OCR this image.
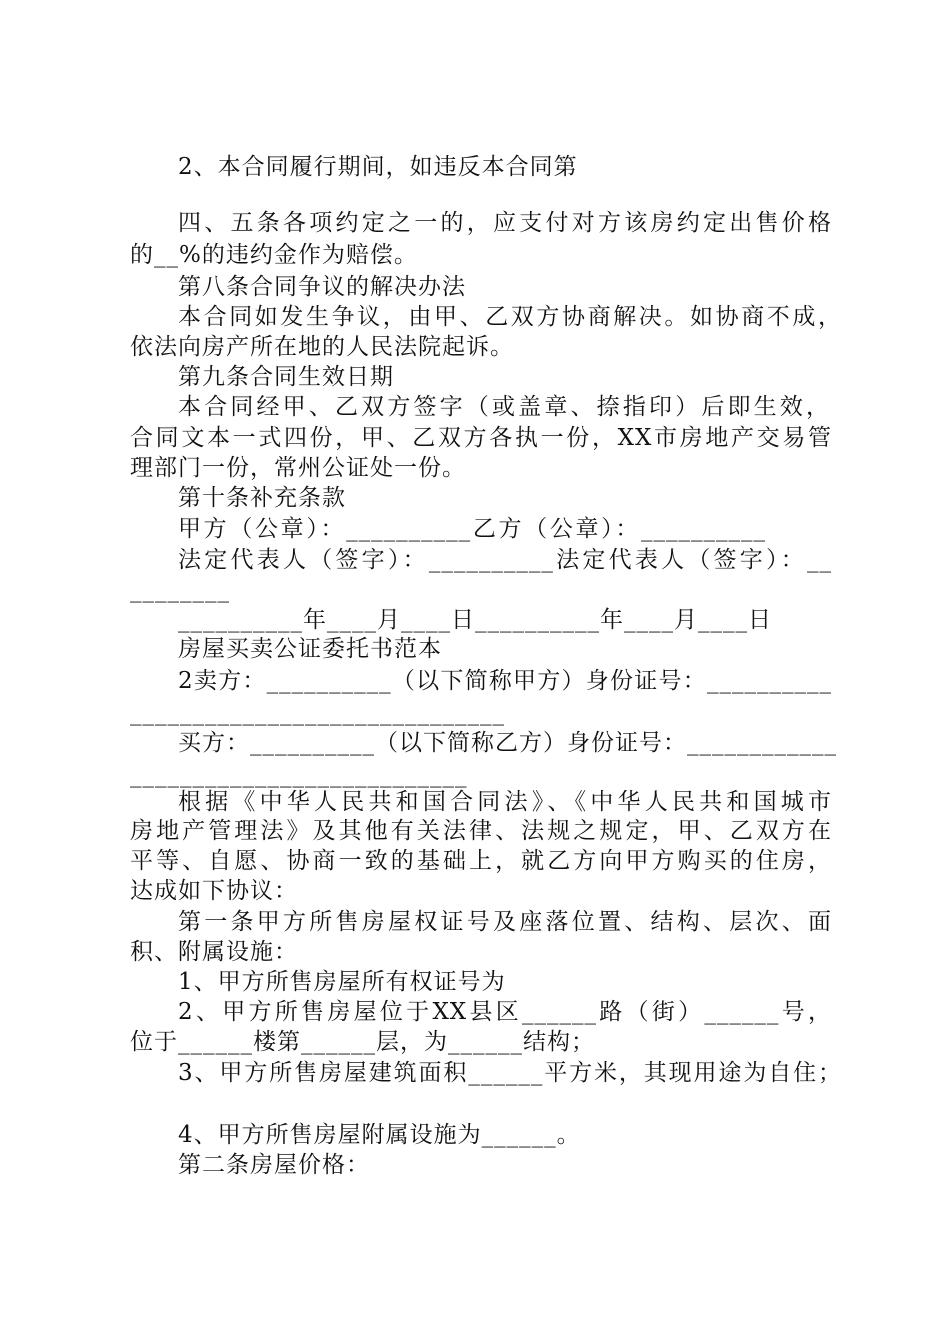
2、本合同履行期间，如违反本合同第
四、五条各项约定之一的，应支付对方该房约定出售价格
的__%的违约金作为赔偿。
第八条合同争议的解决办法
本合同如发生争议，由甲、乙双方协商解决。如协商不成，
依法向房产所在地的人民法院起诉。
第九条合同生效日期
本合同经甲、乙双方签字（或盖章、捺指印）后即生效，
合同文本一式四份，甲、乙双方各执一份，XX市房地产交易管
理部门一份，常州公证处一份。
第十条补充条款
甲方（公章）：__________乙方（公章）：__________
法定代表人（签字）：__________法定代表人（签字）：__
________
__________年____月____日__________年____月____日
房屋买卖公证委托书范本
2卖方：__________（以下简称甲方）身份证号：__________
______________________________
买方：__________（以下简称乙方）身份证号：____________
___________________________
根据《中华人民共和国合同法》、《中华人民共和国城市
房地产管理法》及其他有关法律、法规之规定，甲、乙双方在
平等、自愿、协商一致的基础上，就乙方向甲方购买的住房，
达成如下协议：
第一条甲方所售房屋权证号及座落位置、结构、层次、面
积、附属设施：
1、甲方所售房屋所有权证号为
2、甲方所售房屋位于XX县区______路（街）______号，
位于______楼第______层，为______结构；
3、甲方所售房屋建筑面积______平方米，其现用途为自住；
4、甲方所售房屋附属设施为______。
第二条房屋价格：
